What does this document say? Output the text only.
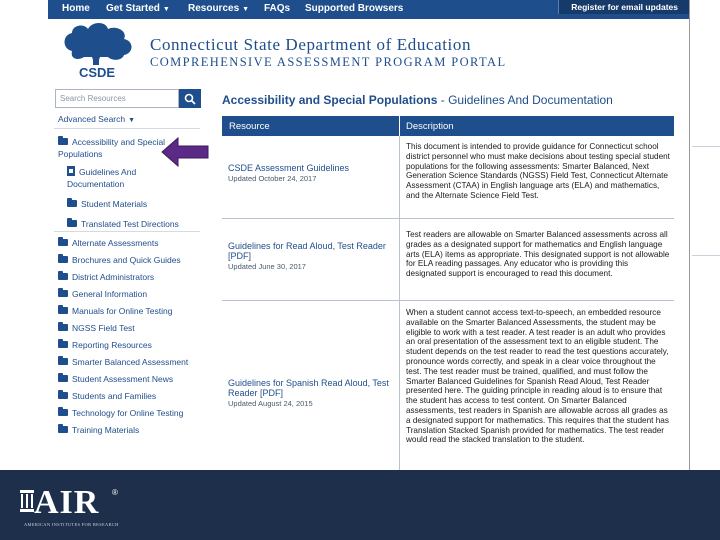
Home Get Started ▼ Resources ▼ FAQs Supported Browsers	Register for email updates
CSDE
Connecticut State Department of Education
COMPREHENSIVE ASSESSMENT PROGRAM PORTAL
Search Resources
Advanced Search ▼
Accessibility and Special Populations
Guidelines And Documentation
Student Materials
Translated Test Directions
Alternate Assessments
Brochures and Quick Guides
District Administrators
General Information
Manuals for Online Testing
NGSS Field Test
Reporting Resources
Smarter Balanced Assessment
Student Assessment News
Students and Families
Technology for Online Testing
Training Materials
Accessibility and Special Populations - Guidelines And Documentation
Resource	Description
CSDE Assessment Guidelines
Updated October 24, 2017
This document is intended to provide guidance for Connecticut school district personnel who must make decisions about testing special student populations for the following assessments: Smarter Balanced, Next Generation Science Standards (NGSS) Field Test, Connecticut Alternate Assessment (CTAA) in English language arts (ELA) and mathematics, and the Alternate Science Field Test.
Guidelines for Read Aloud, Test Reader [PDF]
Updated June 30, 2017
Test readers are allowable on Smarter Balanced assessments across all grades as a designated support for mathematics and English language arts (ELA) items as appropriate. This designated support is not allowable for ELA reading passages. Any educator who is providing this designated support is encouraged to read this document.
Guidelines for Spanish Read Aloud, Test Reader [PDF]
Updated August 24, 2015
When a student cannot access text-to-speech, an embedded resource available on the Smarter Balanced Assessments, the student may be eligible to work with a test reader. A test reader is an adult who provides an oral presentation of the assessment text to an eligible student. The student depends on the test reader to read the test questions accurately, pronounce words correctly, and speak in a clear voice throughout the test. The test reader must be trained, qualified, and must follow the Smarter Balanced Guidelines for Spanish Read Aloud, Test Reader presented here. The guiding principle in reading aloud is to ensure that the student has access to test content. On Smarter Balanced assessments, test readers in Spanish are allowable across all grades as a designated support for mathematics. This requires that the student has Translation Stacked Spanish provided for mathematics. The test reader would read the stacked translation to the student.
AIR ®
AMERICAN INSTITUTES FOR RESEARCH
